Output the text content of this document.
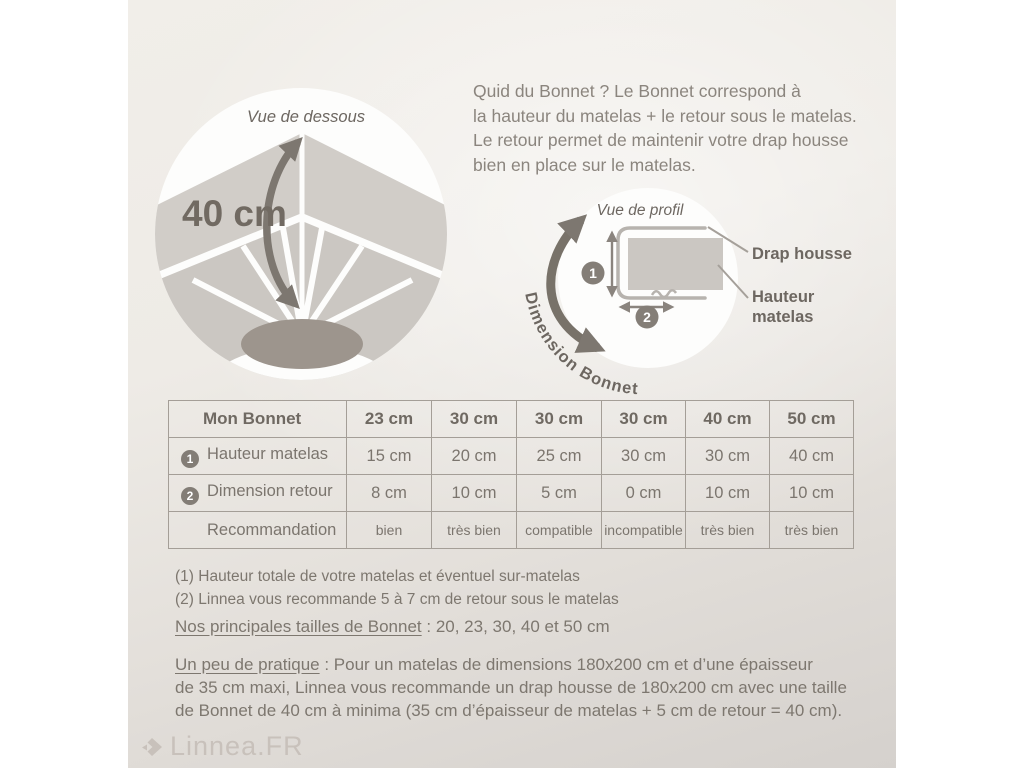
Vue de dessous
40 cm
Quid du Bonnet ? Le Bonnet correspond à
la hauteur du matelas + le retour sous le matelas.
Le retour permet de maintenir votre drap housse
bien en place sur le matelas.
1
2
Dimension Bonnet
Drap housse
Hauteur
matelas
Vue de profil
Mon Bonnet	23 cm	30 cm	30 cm	30 cm	40 cm	50 cm
1 Hauteur matelas	15 cm	20 cm	25 cm	30 cm	30 cm	40 cm
2 Dimension retour	8 cm	10 cm	5 cm	0 cm	10 cm	10 cm
Recommandation	bien	très bien	compatible	incompatible	très bien	très bien
(1) Hauteur totale de votre matelas et éventuel sur-matelas
(2) Linnea vous recommande 5 à 7 cm de retour sous le matelas
Nos principales tailles de Bonnet : 20, 23, 30, 40 et 50 cm
Un peu de pratique : Pour un matelas de dimensions 180x200 cm et d’une épaisseur
de 35 cm maxi, Linnea vous recommande un drap housse de 180x200 cm avec une taille
de Bonnet de 40 cm à minima (35 cm d’épaisseur de matelas + 5 cm de retour = 40 cm).
Linnea.FR
